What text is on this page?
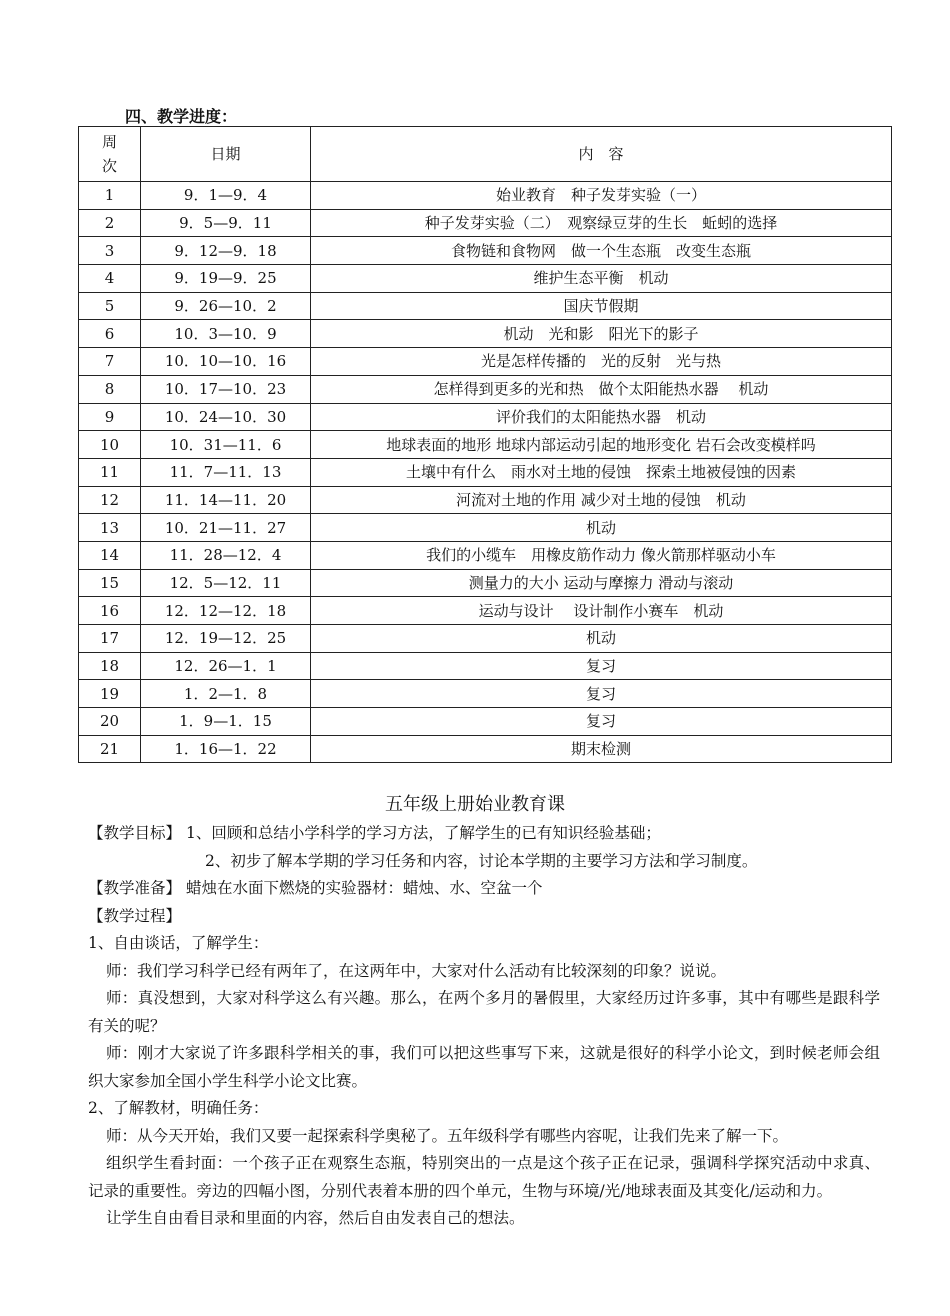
四、教学进度：
周
次	日期	内　容
1	9．1—9．4	始业教育　种子发芽实验（一）
2	9．5—9．11	种子发芽实验（二）　观察绿豆芽的生长　蚯蚓的选择
3	9．12—9．18	食物链和食物网　做一个生态瓶　改变生态瓶
4	9．19—9．25	维护生态平衡　机动
5	9．26—10．2	国庆节假期
6	10．3—10．9	机动　光和影　阳光下的影子
7	10．10—10．16	光是怎样传播的　光的反射　光与热
8	10．17—10．23	怎样得到更多的光和热　做个太阳能热水器　 机动
9	10．24—10．30	评价我们的太阳能热水器　机动
10	10．31—11．6	地球表面的地形 地球内部运动引起的地形变化 岩石会改变模样吗
11	11．7—11．13	土壤中有什么　雨水对土地的侵蚀　探索土地被侵蚀的因素
12	11．14—11．20	河流对土地的作用 减少对土地的侵蚀　机动
13	10．21—11．27	机动
14	11．28—12．4	我们的小缆车　用橡皮筋作动力 像火箭那样驱动小车
15	12．5—12．11	测量力的大小 运动与摩擦力 滑动与滚动
16	12．12—12．18	运动与设计　 设计制作小赛车　机动
17	12．19—12．25	机动
18	12．26—1．1	复习
19	1．2—1．8	复习
20	1．9—1．15	复习
21	1．16—1．22	期末检测
五年级上册始业教育课

【教学目标】 1、回顾和总结小学科学的学习方法，了解学生的已有知识经验基础；

2、初步了解本学期的学习任务和内容，讨论本学期的主要学习方法和学习制度。

【教学准备】 蜡烛在水面下燃烧的实验器材：蜡烛、水、空盆一个

【教学过程】

1、自由谈话，了解学生：

师：我们学习科学已经有两年了，在这两年中，大家对什么活动有比较深刻的印象？说说。

师：真没想到，大家对科学这么有兴趣。那么，在两个多月的暑假里，大家经历过许多事，其中有哪些是跟科学有关的呢？

师：刚才大家说了许多跟科学相关的事，我们可以把这些事写下来，这就是很好的科学小论文，到时候老师会组织大家参加全国小学生科学小论文比赛。

2、了解教材，明确任务：

师：从今天开始，我们又要一起探索科学奥秘了。五年级科学有哪些内容呢，让我们先来了解一下。

组织学生看封面：一个孩子正在观察生态瓶，特别突出的一点是这个孩子正在记录，强调科学探究活动中求真、记录的重要性。旁边的四幅小图，分别代表着本册的四个单元，生物与环境/光/地球表面及其变化/运动和力。

让学生自由看目录和里面的内容，然后自由发表自己的想法。
